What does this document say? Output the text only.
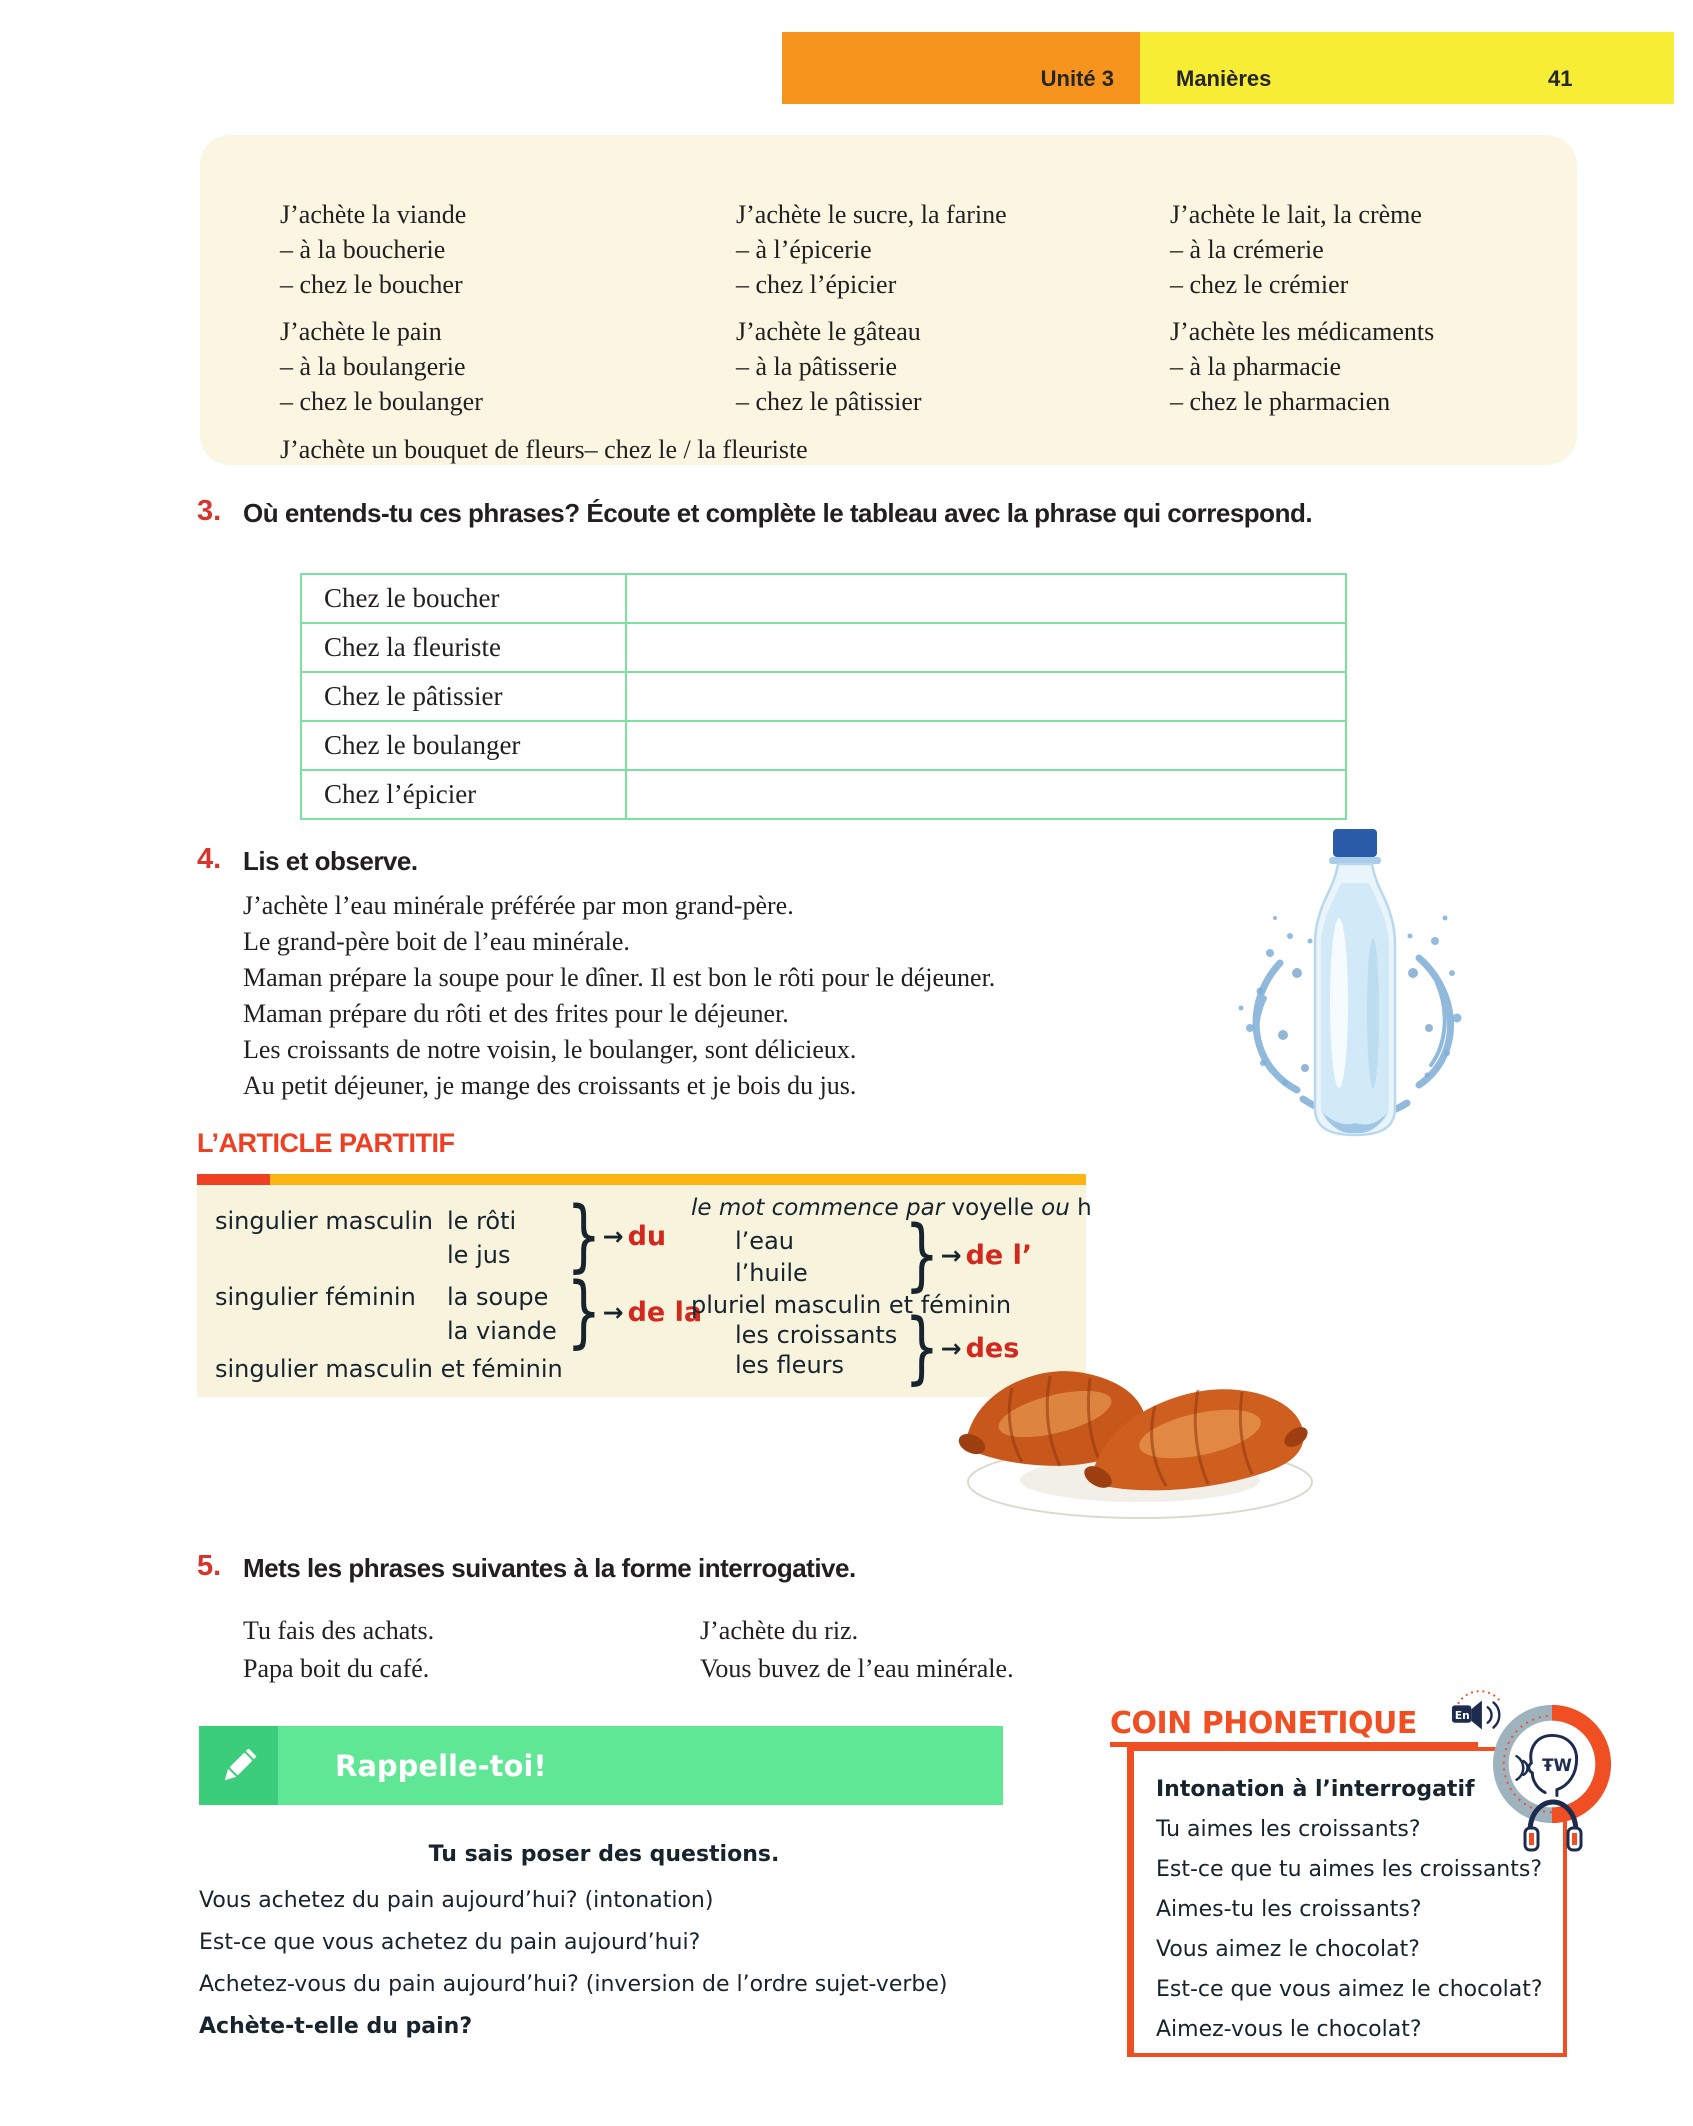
Unité 3	Manières	41
J’achète la viande
– à la boucherie
– chez le boucher
J’achète le pain
– à la boulangerie
– chez le boulanger
J’achète le sucre, la farine
– à l’épicerie
– chez l’épicier
J’achète le gâteau
– à la pâtisserie
– chez le pâtissier
J’achète le lait, la crème
– à la crémerie
– chez le crémier
J’achète les médicaments
– à la pharmacie
– chez le pharmacien
J’achète un bouquet de fleurs– chez le / la fleuriste
3. Où entends-tu ces phrases? Écoute et complète le tableau avec la phrase qui correspond.
Chez le boucher
Chez la fleuriste
Chez le pâtissier
Chez le boulanger
Chez l’épicier
4. Lis et observe.
J’achète l’eau minérale préférée par mon grand-père.
Le grand-père boit de l’eau minérale.
Maman prépare la soupe pour le dîner. Il est bon le rôti pour le déjeuner.
Maman prépare du rôti et des frites pour le déjeuner.
Les croissants de notre voisin, le boulanger, sont délicieux.
Au petit déjeuner, je mange des croissants et je bois du jus.
L’ARTICLE PARTITIF
singulier masculin le rôti
le jus } → du
singulier féminin la soupe
la viande } → de la
singulier masculin et féminin
le mot commence par voyelle ou h
l’eau
l’huile } → de l’
pluriel masculin et féminin
les croissants
les fleurs } → des
5. Mets les phrases suivantes à la forme interrogative.
Tu fais des achats.
Papa boit du café.
J’achète du riz.
Vous buvez de l’eau minérale.
Rappelle-toi!
Tu sais poser des questions.
Vous achetez du pain aujourd’hui? (intonation)
Est-ce que vous achetez du pain aujourd’hui?
Achetez-vous du pain aujourd’hui? (inversion de l’ordre sujet-verbe)
Achète-t-elle du pain?
COIN PHONETIQUE
Intonation à l’interrogatif
Tu aimes les croissants?
Est-ce que tu aimes les croissants?
Aimes-tu les croissants?
Vous aimez le chocolat?
Est-ce que vous aimez le chocolat?
Aimez-vous le chocolat?
En
ŦW
